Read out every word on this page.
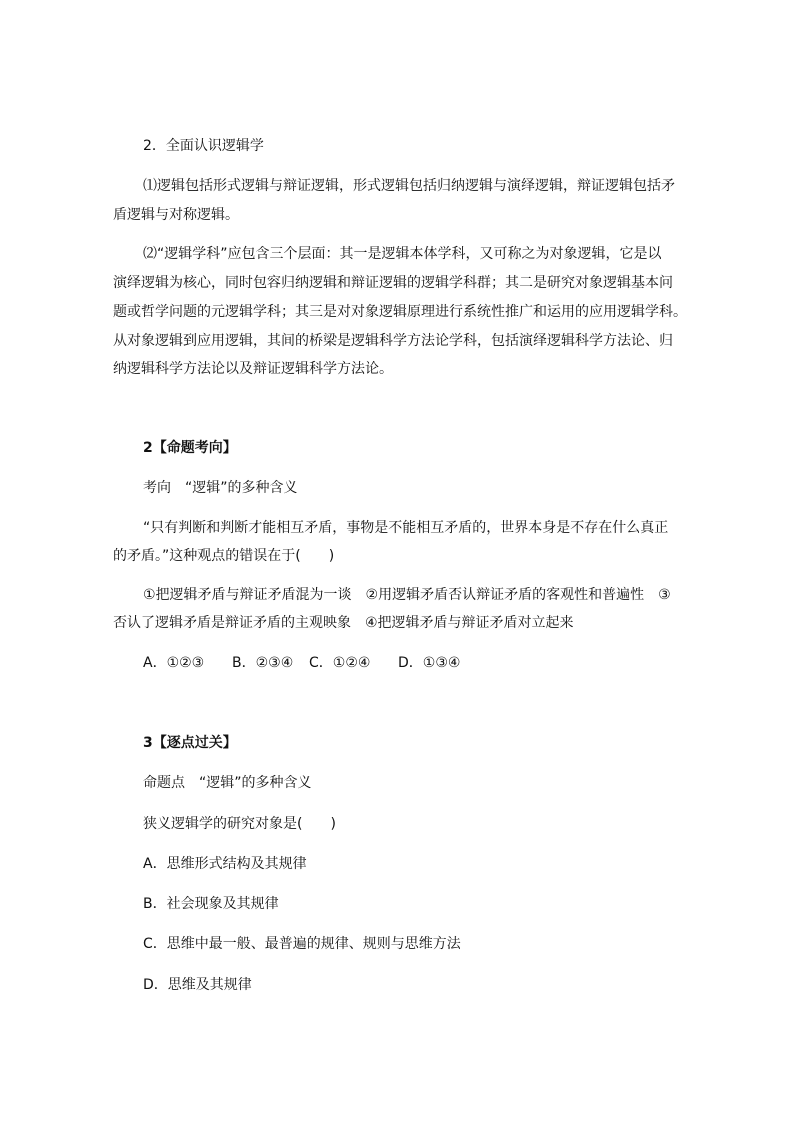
2．全面认识逻辑学
⑴逻辑包括形式逻辑与辩证逻辑，形式逻辑包括归纳逻辑与演绎逻辑，辩证逻辑包括矛
盾逻辑与对称逻辑。
⑵“逻辑学科”应包含三个层面：其一是逻辑本体学科，又可称之为对象逻辑，它是以
演绎逻辑为核心，同时包容归纳逻辑和辩证逻辑的逻辑学科群；其二是研究对象逻辑基本问
题或哲学问题的元逻辑学科；其三是对对象逻辑原理进行系统性推广和运用的应用逻辑学科。
从对象逻辑到应用逻辑，其间的桥梁是逻辑科学方法论学科，包括演绎逻辑科学方法论、归
纳逻辑科学方法论以及辩证逻辑科学方法论。
2【命题考向】
考向　“逻辑”的多种含义
“只有判断和判断才能相互矛盾，事物是不能相互矛盾的，世界本身是不存在什么真正
的矛盾。”这种观点的错误在于(　　)
①把逻辑矛盾与辩证矛盾混为一谈　②用逻辑矛盾否认辩证矛盾的客观性和普遍性　③
否认了逻辑矛盾是辩证矛盾的主观映象　④把逻辑矛盾与辩证矛盾对立起来
A．①②③ B．②③④ C．①②④ D．①③④
3【逐点过关】
命题点　“逻辑”的多种含义
狭义逻辑学的研究对象是(　　)
A．思维形式结构及其规律
B．社会现象及其规律
C．思维中最一般、最普遍的规律、规则与思维方法
D．思维及其规律
